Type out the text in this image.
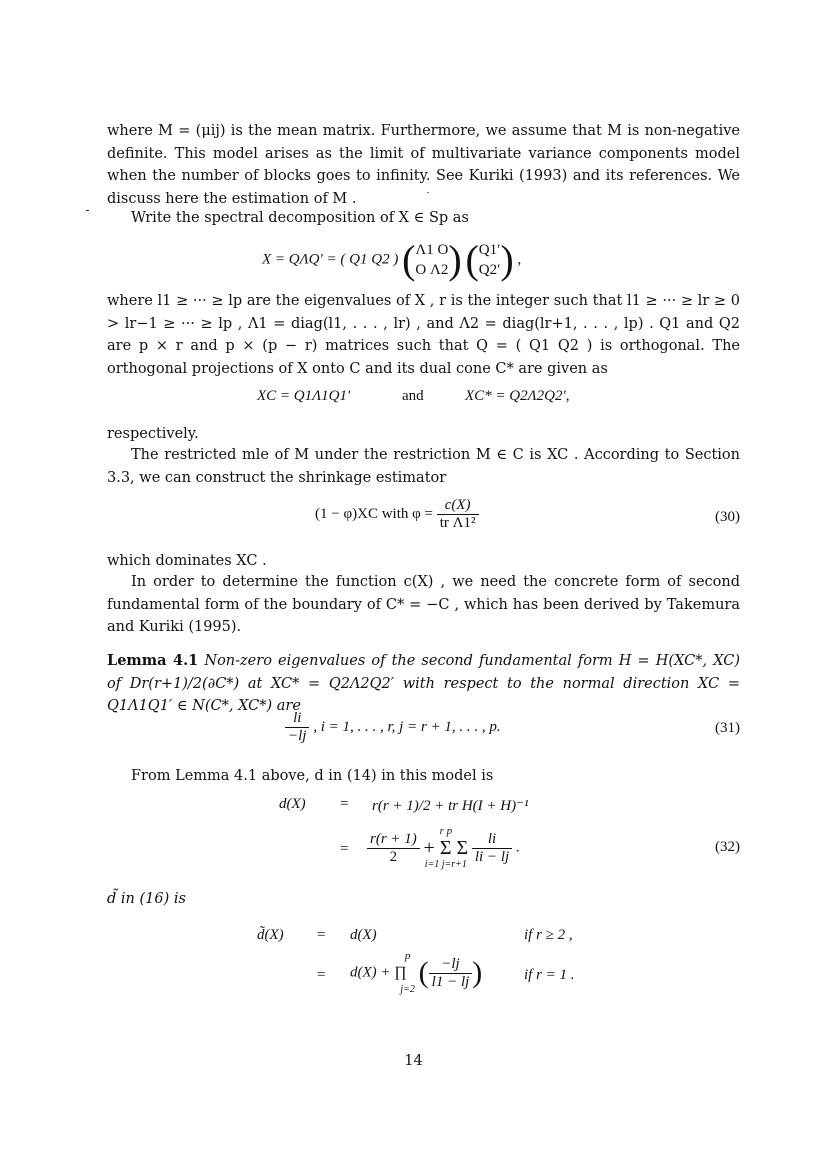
where M = (μij) is the mean matrix. Furthermore, we assume that M is non-negative definite. This model arises as the limit of multivariate variance components model when the number of blocks goes to infinity. See Kuriki (1993) and its references. We discuss here the estimation of M .

Write the spectral decomposition of X ∈ Sp as

X = QΛQ′ = ( Q1 Q2 ) ( Λ1 O
O Λ2 ) ( Q1′
Q2′ ) ,

where l1 ≥ ··· ≥ lp are the eigenvalues of X , r is the integer such that l1 ≥ ··· ≥ lr ≥ 0 > lr−1 ≥ ··· ≥ lp , Λ1 = diag(l1, . . . , lr) , and Λ2 = diag(lr+1, . . . , lp) . Q1 and Q2 are p × r and p × (p − r) matrices such that Q = ( Q1 Q2 ) is orthogonal. The orthogonal projections of X onto C and its dual cone C* are given as

XC = Q1Λ1Q1′	and	XC* = Q2Λ2Q2′,

respectively.

The restricted mle of M under the restriction M ∈ C is XC . According to Section 3.3, we can construct the shrinkage estimator

(1 − φ)XC with $\varphi = \frac{c(X)}{\text{tr Λ1²}}$	(30)

which dominates XC .

In order to determine the function c(X) , we need the concrete form of second fundamental form of the boundary of C* = −C , which has been derived by Takemura and Kuriki (1995).

Lemma 4.1 Non-zero eigenvalues of the second fundamental form H = H(XC*, XC) of Dr(r+1)/2(∂C*) at XC* = Q2Λ2Q2′ with respect to the normal direction XC = Q1Λ1Q1′ ∈ N(C*, XC*) are

$\frac{li}{-lj}$ , i = 1, . . . , r, j = r + 1, . . . , p.	(31)

From Lemma 4.1 above, d in (14) in this model is

d(X) = r(r + 1)/2 + tr H(I + H)⁻¹
= $\frac{r(r + 1)}{2}$
	r p
+ Σ Σ
i=1 j=r+1
$\frac{li}{li - lj}$ .	(32)

d̃ in (16) is

d̃(X) = d(X)	if r ≥ 2 ,
= d(X) + ∏
p
j=2
( $\frac{-lj}{l1 - lj}$ )	if r = 1 .
14
